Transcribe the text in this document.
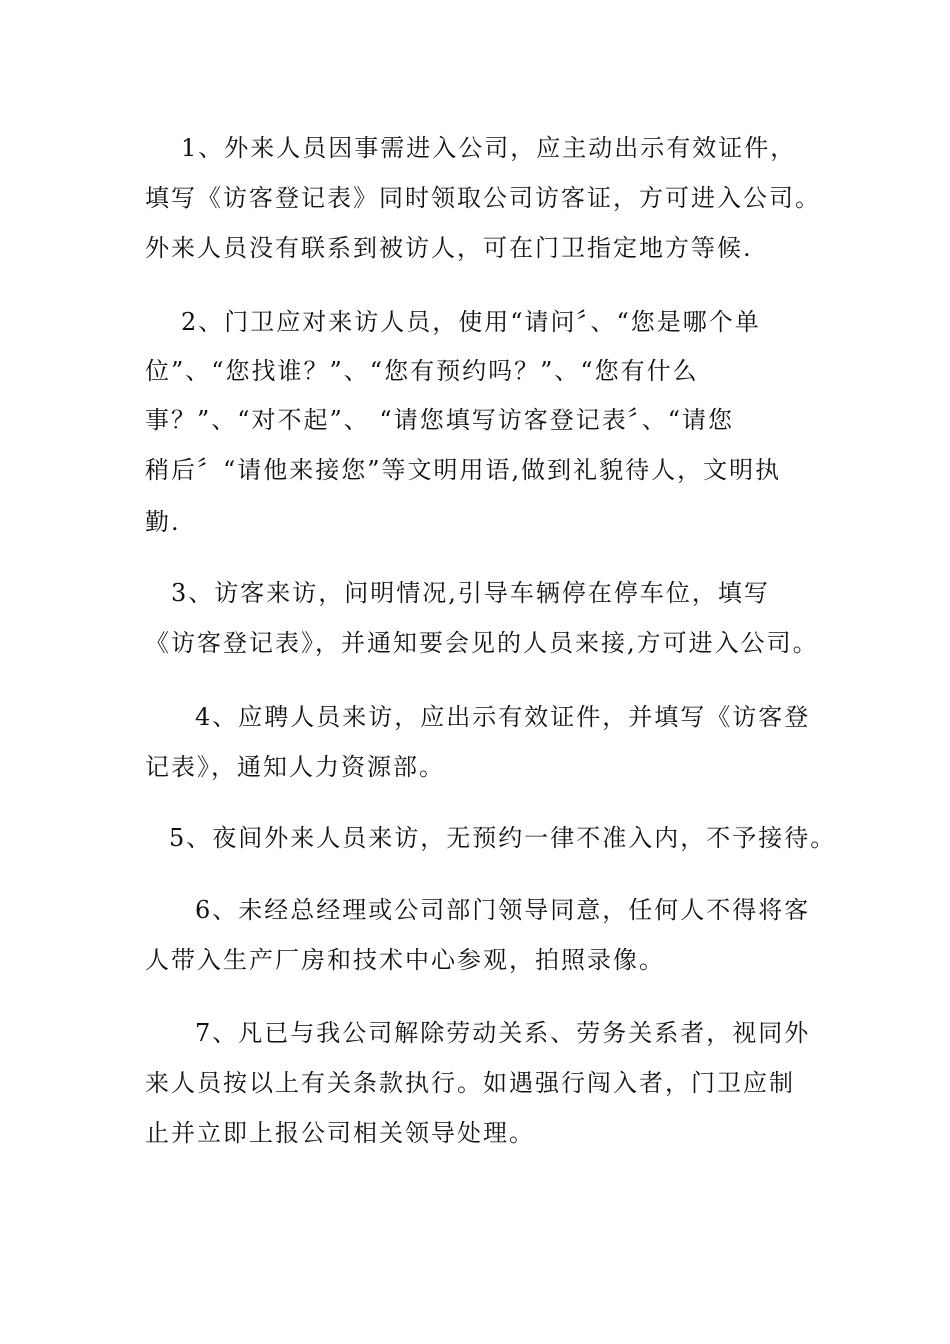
1、外来人员因事需进入公司，应主动出示有效证件，
填写《访客登记表》同时领取公司访客证，方可进入公司。
外来人员没有联系到被访人，可在门卫指定地方等候.
2、门卫应对来访人员，使用“请问〞、“您是哪个单
位”、“您找谁？”、“您有预约吗？”、“您有什么
事？”、“对不起”、 “请您填写访客登记表〞、“请您
稍后〞“请他来接您”等文明用语,做到礼貌待人，文明执
勤.
3、访客来访，问明情况,引导车辆停在停车位，填写
《访客登记表》，并通知要会见的人员来接,方可进入公司。
4、应聘人员来访，应出示有效证件，并填写《访客登
记表》，通知人力资源部。
5、夜间外来人员来访，无预约一律不准入内，不予接待。
6、未经总经理或公司部门领导同意，任何人不得将客
人带入生产厂房和技术中心参观，拍照录像。
7、凡已与我公司解除劳动关系、劳务关系者，视同外
来人员按以上有关条款执行。如遇强行闯入者，门卫应制
止并立即上报公司相关领导处理。
